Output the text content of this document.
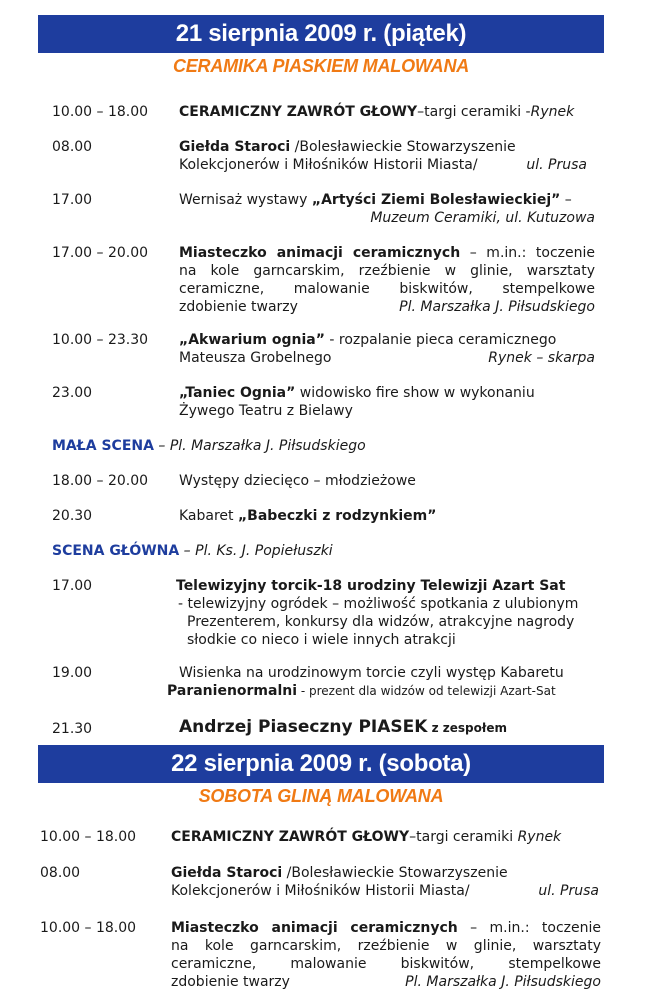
21 sierpnia 2009 r. (piątek)
CERAMIKA PIASKIEM MALOWANA
10.00 – 18.00 CERAMICZNY ZAWRÓT GŁOWY–targi ceramiki -Rynek
08.00	Giełda Staroci /Bolesławieckie Stowarzyszenie
Kolekcjonerów i Miłośników Historii Miasta/	ul. Prusa
17.00	Wernisaż wystawy „Artyści Ziemi Bolesławieckiej” –
Muzeum Ceramiki, ul. Kutuzowa
17.00 – 20.00 Miasteczko animacji ceramicznych – m.in.: toczenie
na kole garncarskim, rzeźbienie w glinie, warsztaty
ceramiczne, malowanie biskwitów, stempelkowe
zdobienie twarzy	Pl. Marszałka J. Piłsudskiego
10.00 – 23.30 „Akwarium ognia” - rozpalanie pieca ceramicznego
Mateusza Grobelnego	Rynek – skarpa
23.00	„Taniec Ognia” widowisko fire show w wykonaniu
Żywego Teatru z Bielawy
MAŁA SCENA – Pl. Marszałka J. Piłsudskiego
18.00 – 20.00 Występy dziecięco – młodzieżowe
20.30	Kabaret „Babeczki z rodzynkiem”
SCENA GŁÓWNA – Pl. Ks. J. Popiełuszki
17.00	Telewizyjny torcik-18 urodziny Telewizji Azart Sat
- telewizyjny ogródek – możliwość spotkania z ulubionym
Prezenterem, konkursy dla widzów, atrakcyjne nagrody
słodkie co nieco i wiele innych atrakcji
19.00	Wisienka na urodzinowym torcie czyli występ Kabaretu
Paranienormalni - prezent dla widzów od telewizji Azart-Sat
21.30	Andrzej Piaseczny PIASEK z zespołem
22 sierpnia 2009 r. (sobota)
SOBOTA GLINĄ MALOWANA
10.00 – 18.00 CERAMICZNY ZAWRÓT GŁOWY–targi ceramiki Rynek
08.00	Giełda Staroci /Bolesławieckie Stowarzyszenie
Kolekcjonerów i Miłośników Historii Miasta/	ul. Prusa
10.00 – 18.00 Miasteczko animacji ceramicznych – m.in.: toczenie
na kole garncarskim, rzeźbienie w glinie, warsztaty
ceramiczne, malowanie biskwitów, stempelkowe
zdobienie twarzy	Pl. Marszałka J. Piłsudskiego
